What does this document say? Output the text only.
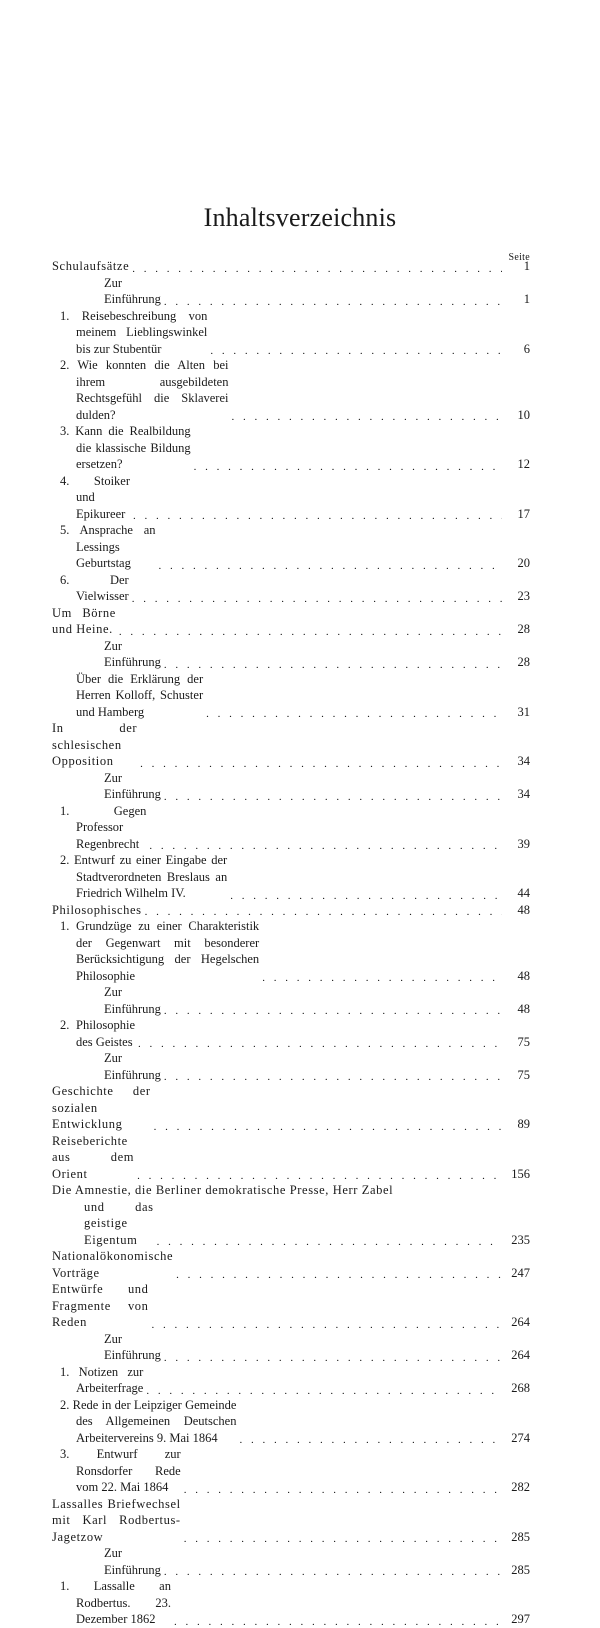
Inhaltsverzeichnis
Seite
Schulaufsätze . . .	1
Zur Einführung . . .	1
1. Reisebeschreibung von meinem Lieblingswinkel bis zur Stubentür . . .	6
2. Wie konnten die Alten bei ihrem ausgebildeten Rechtsgefühl die Sklaverei dulden? . . .	10
3. Kann die Realbildung die klassische Bildung ersetzen? . . .	12
4. Stoiker und Epikureer . . .	17
5. Ansprache an Lessings Geburtstag . . .	20
6. Der Vielwisser . . .	23
Um Börne und Heine. . . .	28
Zur Einführung . . .	28
Über die Erklärung der Herren Kolloff, Schuster und Hamberg . . .	31
In der schlesischen Opposition . . .	34
Zur Einführung . . .	34
1. Gegen Professor Regenbrecht . . .	39
2. Entwurf zu einer Eingabe der Stadtverordneten Breslaus an Friedrich Wilhelm IV. . . .	44
Philosophisches . . .	48
1. Grundzüge zu einer Charakteristik der Gegenwart mit besonderer Berücksichtigung der Hegelschen Philosophie . . .	48
Zur Einführung . . .	48
2. Philosophie des Geistes . . .	75
Zur Einführung . . .	75
Geschichte der sozialen Entwicklung . . .	89
Reiseberichte aus dem Orient . . .	156
Die Amnestie, die Berliner demokratische Presse, Herr Zabel
und das geistige Eigentum . . .	235
Nationalökonomische Vorträge . . .	247
Entwürfe und Fragmente von Reden . . .	264
Zur Einführung . . .	264
1. Notizen zur Arbeiterfrage . . .	268
2. Rede in der Leipziger Gemeinde des Allgemeinen Deutschen Arbeitervereins 9. Mai 1864 . . .	274
3. Entwurf zur Ronsdorfer Rede vom 22. Mai 1864 . . .	282
Lassalles Briefwechsel mit Karl Rodbertus-Jagetzow . . .	285
Zur Einführung . . .	285
1. Lassalle an Rodbertus. 23. Dezember 1862 . . .	297
